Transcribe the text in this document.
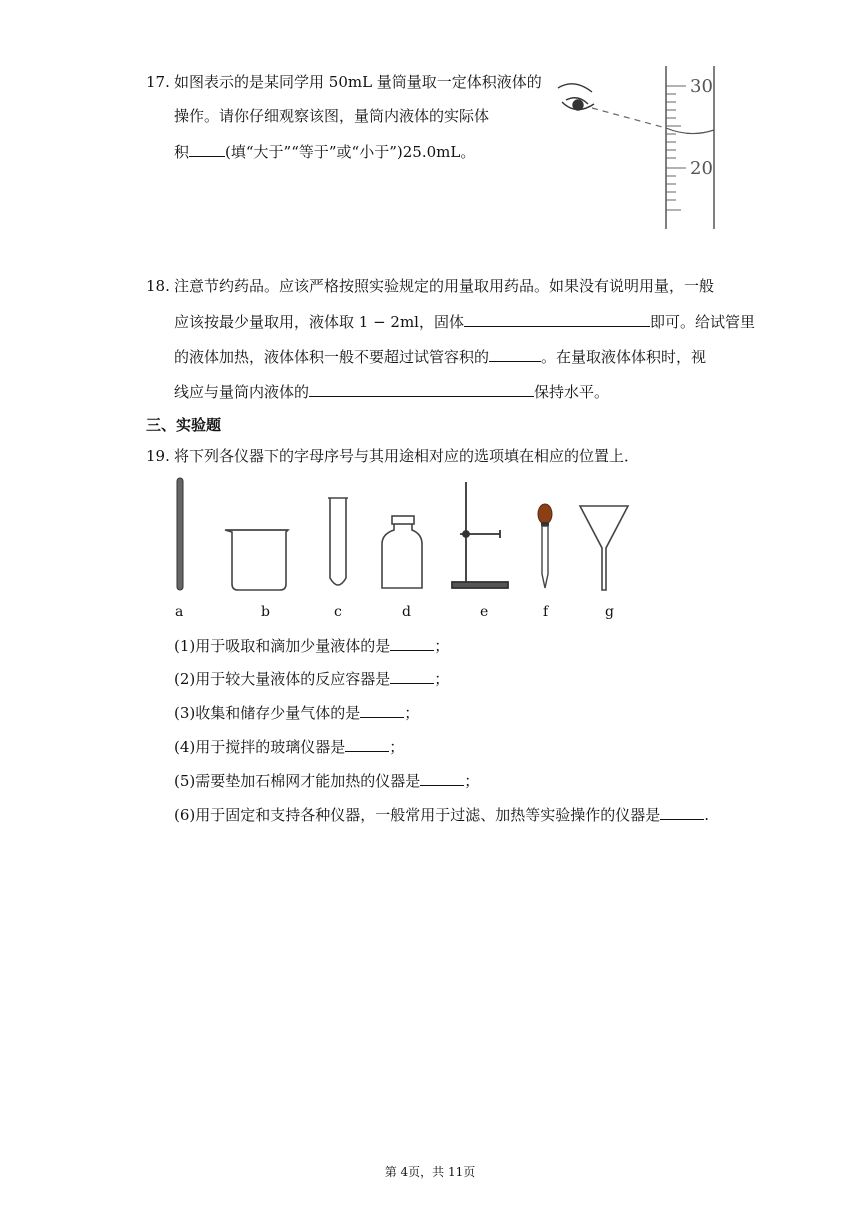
17. 如图表示的是某同学用 50mL 量筒量取一定体积液体的
操作。请你仔细观察该图，量筒内液体的实际体
积 (填“大于”“等于”或“小于”)25.0mL。
30
20
18. 注意节约药品。应该严格按照实验规定的用量取用药品。如果没有说明用量，一般
应该按最少量取用，液体取 1 − 2ml，固体	即可。给试管里
的液体加热，液体体积一般不要超过试管容积的	。在量取液体体积时，视
线应与量筒内液体的	保持水平。
三、实验题
19. 将下列各仪器下的字母序号与其用途相对应的选项填在相应的位置上．
a	b	c	d	e	f	g
(1)用于吸取和滴加少量液体的是	；
(2)用于较大量液体的反应容器是	；
(3)收集和储存少量气体的是	；
(4)用于搅拌的玻璃仪器是	；
(5)需要垫加石棉网才能加热的仪器是	；
(6)用于固定和支持各种仪器，一般常用于过滤、加热等实验操作的仪器是	.
第 4页，共 11页
